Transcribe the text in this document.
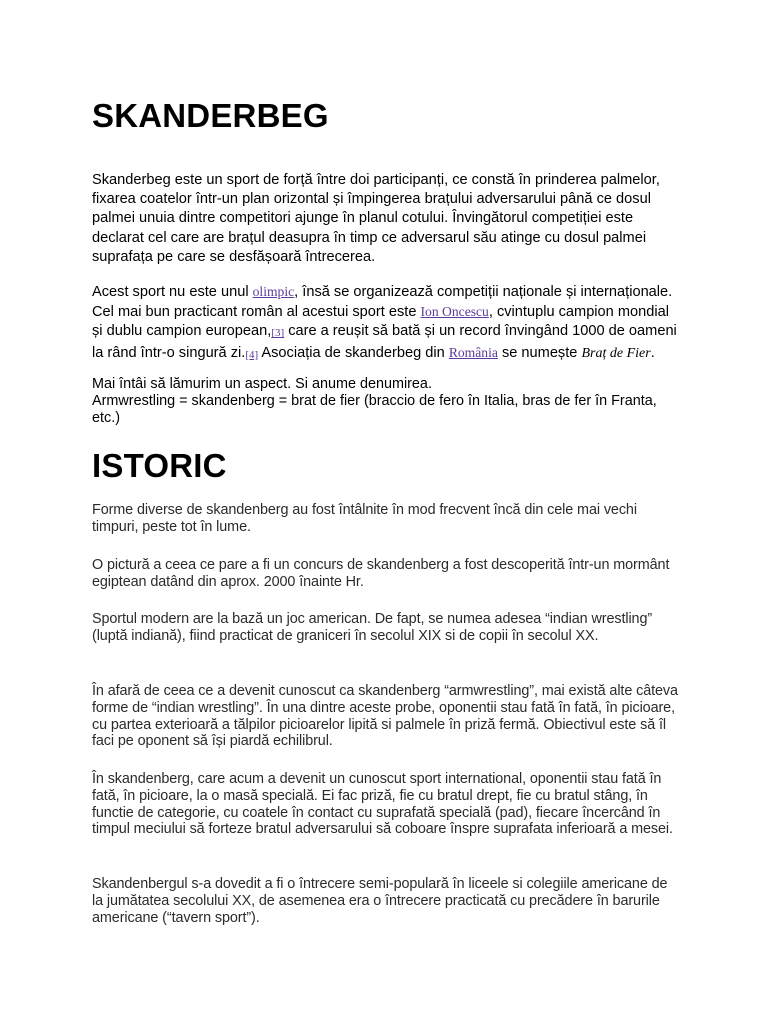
SKANDERBEG

Skanderbeg este un sport de forță între doi participanți, ce constă în prinderea palmelor, fixarea coatelor într-un plan orizontal și împingerea brațului adversarului până ce dosul palmei unuia dintre competitori ajunge în planul cotului. Învingătorul competiției este declarat cel care are brațul deasupra în timp ce adversarul său atinge cu dosul palmei suprafața pe care se desfășoară întrecerea.

Acest sport nu este unul olimpic, însă se organizează competiții naționale și internaționale. Cel mai bun practicant român al acestui sport este Ion Oncescu, cvintuplu campion mondial și dublu campion european,[3] care a reușit să bată și un record învingând 1000 de oameni la rând într-o singură zi.[4] Asociația de skanderbeg din România se numește Braț de Fier.

Mai întâi să lămurim un aspect. Si anume denumirea.
Armwrestling = skandenberg = brat de fier (braccio de fero în Italia, bras de fer în Franta, etc.)
ISTORIC

Forme diverse de skandenberg au fost întâlnite în mod frecvent încă din cele mai vechi timpuri, peste tot în lume.

O pictură a ceea ce pare a fi un concurs de skandenberg a fost descoperită într-un mormânt egiptean datând din aprox. 2000 înainte Hr.

Sportul modern are la bază un joc american. De fapt, se numea adesea “indian wrestling” (luptă indiană), fiind practicat de graniceri în secolul XIX si de copii în secolul XX.

În afară de ceea ce a devenit cunoscut ca skandenberg “armwrestling”, mai există alte câteva forme de “indian wrestling”. În una dintre aceste probe, oponentii stau fată în fată, în picioare, cu partea exterioară a tălpilor picioarelor lipită si palmele în priză fermă. Obiectivul este să îl faci pe oponent să își piardă echilibrul.

În skandenberg, care acum a devenit un cunoscut sport international, oponentii stau fată în fată, în picioare, la o masă specială. Ei fac priză, fie cu bratul drept, fie cu bratul stâng, în functie de categorie, cu coatele în contact cu suprafată specială (pad), fiecare încercând în timpul meciului să forteze bratul adversarului să coboare înspre suprafata inferioară a mesei.

Skandenbergul s-a dovedit a fi o întrecere semi-populară în liceele si colegiile americane de la jumătatea secolului XX, de asemenea era o întrecere practicată cu precădere în barurile americane (“tavern sport”).
